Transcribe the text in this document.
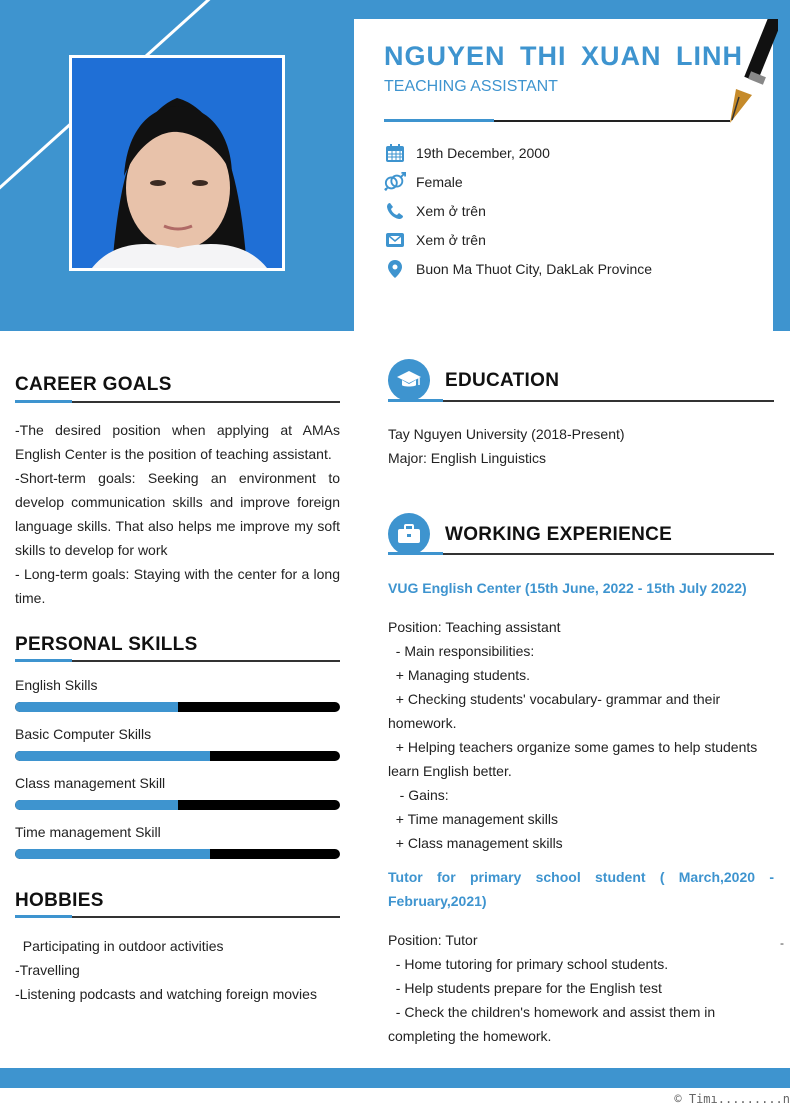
NGUYEN THI XUAN LINH
TEACHING ASSISTANT
19th December, 2000
Female
Xem ở trên
Xem ở trên
Buon Ma Thuot City, DakLak Province
CAREER GOALS
-The desired position when applying at AMAs English Center is the position of teaching assistant.
-Short-term goals: Seeking an environment to develop communication skills and improve foreign language skills. That also helps me improve my soft skills to develop for work
- Long-term goals: Staying with the center for a long time.
PERSONAL SKILLS
English Skills
Basic Computer Skills
Class management Skill
Time management Skill
HOBBIES
Participating in outdoor activities
-Travelling
-Listening podcasts and watching foreign movies
EDUCATION
Tay Nguyen University (2018-Present)
Major: English Linguistics
WORKING EXPERIENCE
VUG English Center (15th June, 2022 - 15th July 2022)
Position: Teaching assistant
- Main responsibilities:
+ Managing students.
+ Checking students' vocabulary- grammar and their homework.
+ Helping teachers organize some games to help students learn English better.
- Gains:
+ Time management skills
+ Class management skills
Tutor for primary school student ( March,2020 - February,2021)
Position: Tutor
- Home tutoring for primary school students.
- Help students prepare for the English test
- Check the children's homework and assist them in completing the homework.
-
© Timı.........n
